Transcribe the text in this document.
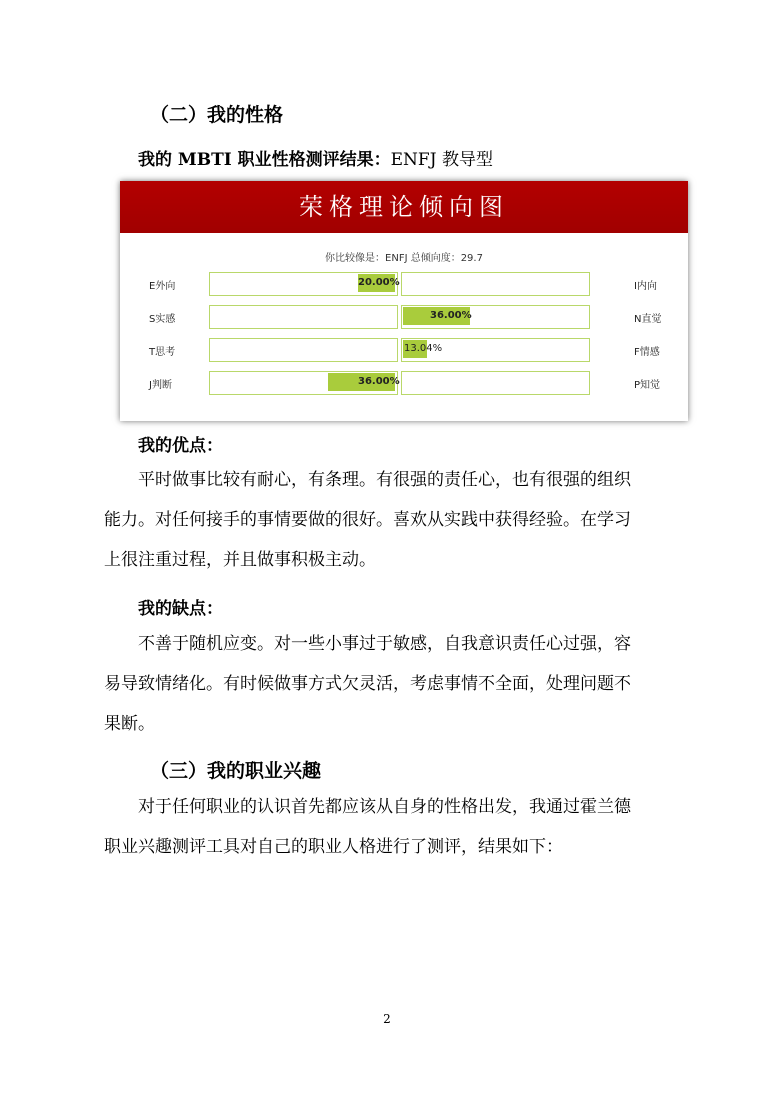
（二）我的性格
我的 MBTI 职业性格测评结果：ENFJ 教导型
荣格理论倾向图
你比较像是：ENFJ 总倾向度：29.7
E外向	I内向
20.00%
S实感	N直觉
36.00%
T思考	F情感
13.04%
J判断	P知觉
36.00%
我的优点：

平时做事比较有耐心，有条理。有很强的责任心，也有很强的组织

能力。对任何接手的事情要做的很好。喜欢从实践中获得经验。在学习

上很注重过程，并且做事积极主动。

我的缺点：

不善于随机应变。对一些小事过于敏感，自我意识责任心过强，容

易导致情绪化。有时候做事方式欠灵活，考虑事情不全面，处理问题不

果断。

（三）我的职业兴趣

对于任何职业的认识首先都应该从自身的性格出发，我通过霍兰德

职业兴趣测评工具对自己的职业人格进行了测评，结果如下：

2
